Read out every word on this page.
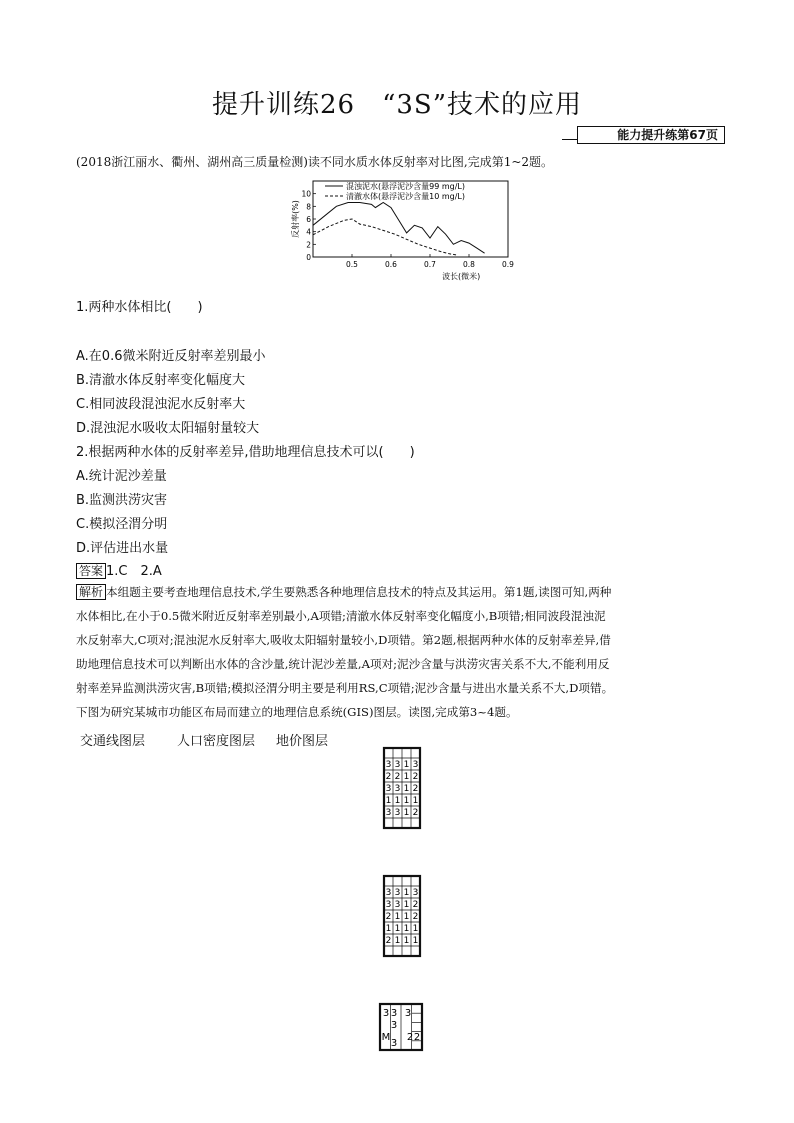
提升训练26　“3S”技术的应用
能力提升练第67页
(2018浙江丽水、衢州、湖州高三质量检测)读不同水质水体反射率对比图,完成第1~2题。
10
8
6
4
2
0
0.5	0.6	0.7	0.8	0.9
反射率(%)
波长(微米)
混浊泥水(悬浮泥沙含量99 mg/L)
清澈水体(悬浮泥沙含量10 mg/L)
1.两种水体相比(　　)
A.在0.6微米附近反射率差别最小
B.清澈水体反射率变化幅度大
C.相同波段混浊泥水反射率大
D.混浊泥水吸收太阳辐射量较大
2.根据两种水体的反射率差异,借助地理信息技术可以(　　)
A.统计泥沙差量
B.监测洪涝灾害
C.模拟泾渭分明
D.评估进出水量
答案 1.C　2.A
解析 本组题主要考查地理信息技术,学生要熟悉各种地理信息技术的特点及其运用。第1题,读图可知,两种
水体相比,在小于0.5微米附近反射率差别最小,A项错;清澈水体反射率变化幅度小,B项错;相同波段混浊泥
水反射率大,C项对;混浊泥水反射率大,吸收太阳辐射量较小,D项错。第2题,根据两种水体的反射率差异,借
助地理信息技术可以判断出水体的含沙量,统计泥沙差量,A项对;泥沙含量与洪涝灾害关系不大,不能利用反
射率差异监测洪涝灾害,B项错;模拟泾渭分明主要是利用RS,C项错;泥沙含量与进出水量关系不大,D项错。
下图为研究某城市功能区布局而建立的地理信息系统(GIS)图层。读图,完成第3~4题。
交通线图层 人口密度图层 地价图层
3 3 1 3
2 2 1 2
3 3 1 2
1 1 1 1
3 3 1 2
3 3 1 3
3 3 1 2
2 1 1 2
1 1 1 1
2 1 1 1
3 3 3
3
M
3
2 2
